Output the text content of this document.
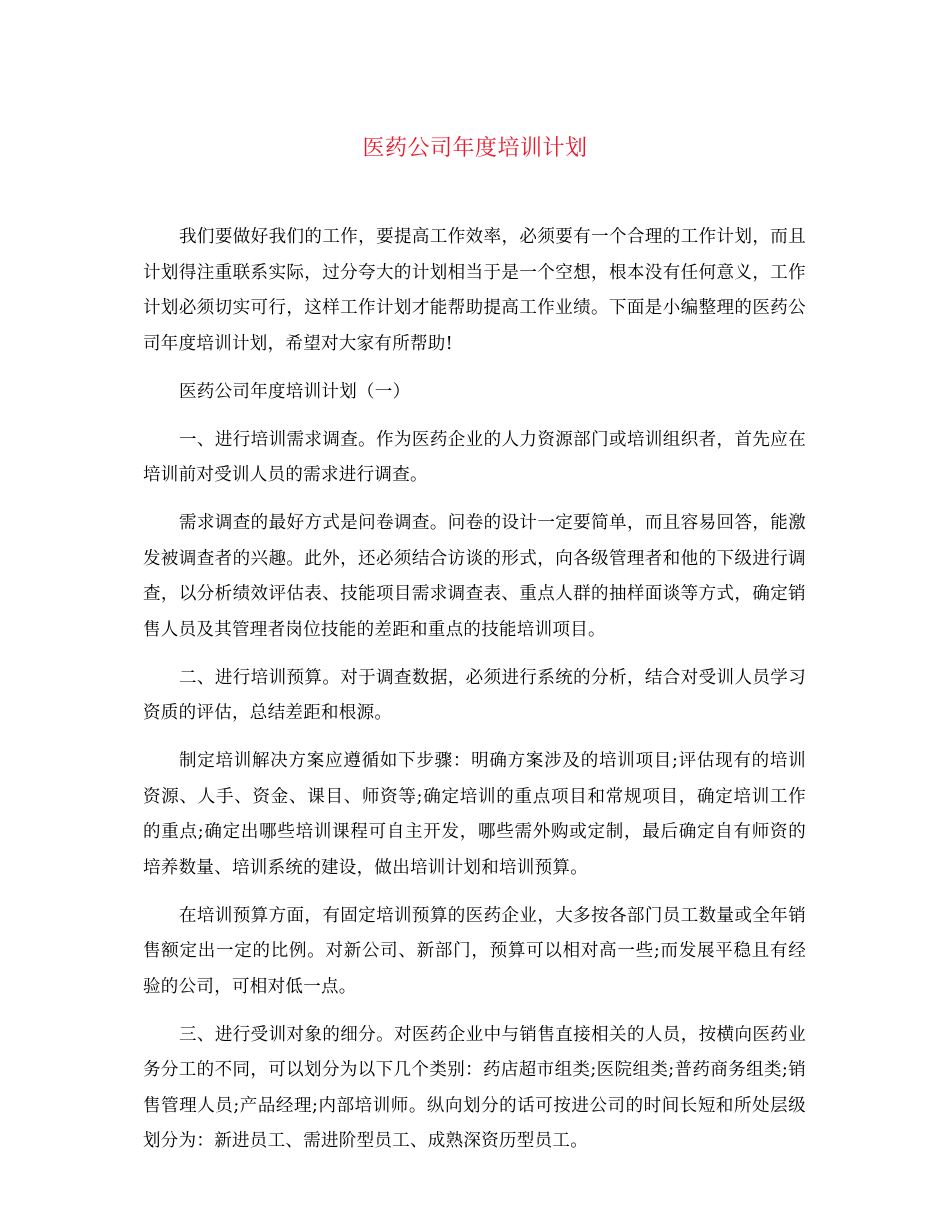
医药公司年度培训计划

我们要做好我们的工作，要提高工作效率，必须要有一个合理的工作计划，而且计划得注重联系实际，过分夸大的计划相当于是一个空想，根本没有任何意义，工作计划必须切实可行，这样工作计划才能帮助提高工作业绩。下面是小编整理的医药公司年度培训计划，希望对大家有所帮助!

医药公司年度培训计划（一）

一、进行培训需求调查。作为医药企业的人力资源部门或培训组织者，首先应在培训前对受训人员的需求进行调查。

需求调查的最好方式是问卷调查。问卷的设计一定要简单，而且容易回答，能激发被调查者的兴趣。此外，还必须结合访谈的形式，向各级管理者和他的下级进行调查，以分析绩效评估表、技能项目需求调查表、重点人群的抽样面谈等方式，确定销售人员及其管理者岗位技能的差距和重点的技能培训项目。

二、进行培训预算。对于调查数据，必须进行系统的分析，结合对受训人员学习资质的评估，总结差距和根源。

制定培训解决方案应遵循如下步骤：明确方案涉及的培训项目;评估现有的培训资源、人手、资金、课目、师资等;确定培训的重点项目和常规项目，确定培训工作的重点;确定出哪些培训课程可自主开发，哪些需外购或定制，最后确定自有师资的培养数量、培训系统的建设，做出培训计划和培训预算。

在培训预算方面，有固定培训预算的医药企业，大多按各部门员工数量或全年销售额定出一定的比例。对新公司、新部门，预算可以相对高一些;而发展平稳且有经验的公司，可相对低一点。

三、进行受训对象的细分。对医药企业中与销售直接相关的人员，按横向医药业务分工的不同，可以划分为以下几个类别：药店超市组类;医院组类;普药商务组类;销售管理人员;产品经理;内部培训师。纵向划分的话可按进公司的时间长短和所处层级划分为：新进员工、需进阶型员工、成熟深资历型员工。
